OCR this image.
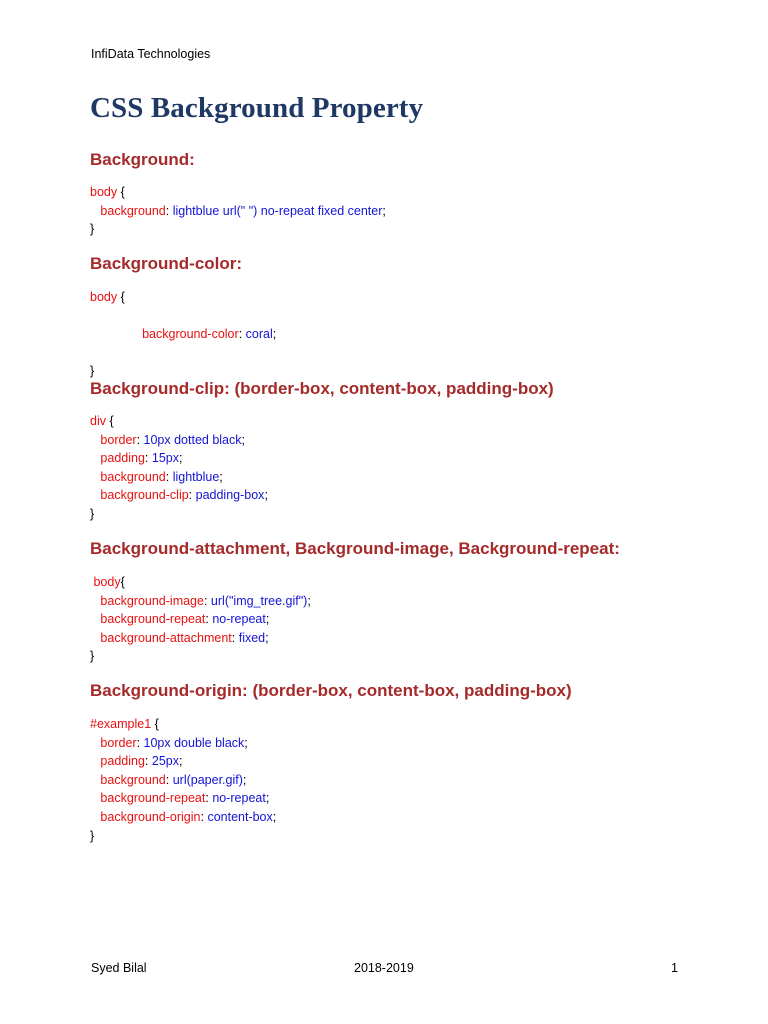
InfiData Technologies
CSS Background Property
Background:
body {
background: lightblue url(" ") no-repeat fixed center;
}
Background-color:
body {
background-color: coral;
}
Background-clip: (border-box, content-box, padding-box)
div {
border: 10px dotted black;
padding: 15px;
background: lightblue;
background-clip: padding-box;
}
Background-attachment, Background-image, Background-repeat:
body{
background-image: url("img_tree.gif");
background-repeat: no-repeat;
background-attachment: fixed;
}
Background-origin: (border-box, content-box, padding-box)
#example1 {
border: 10px double black;
padding: 25px;
background: url(paper.gif);
background-repeat: no-repeat;
background-origin: content-box;
}
Syed Bilal	2018-2019	1
